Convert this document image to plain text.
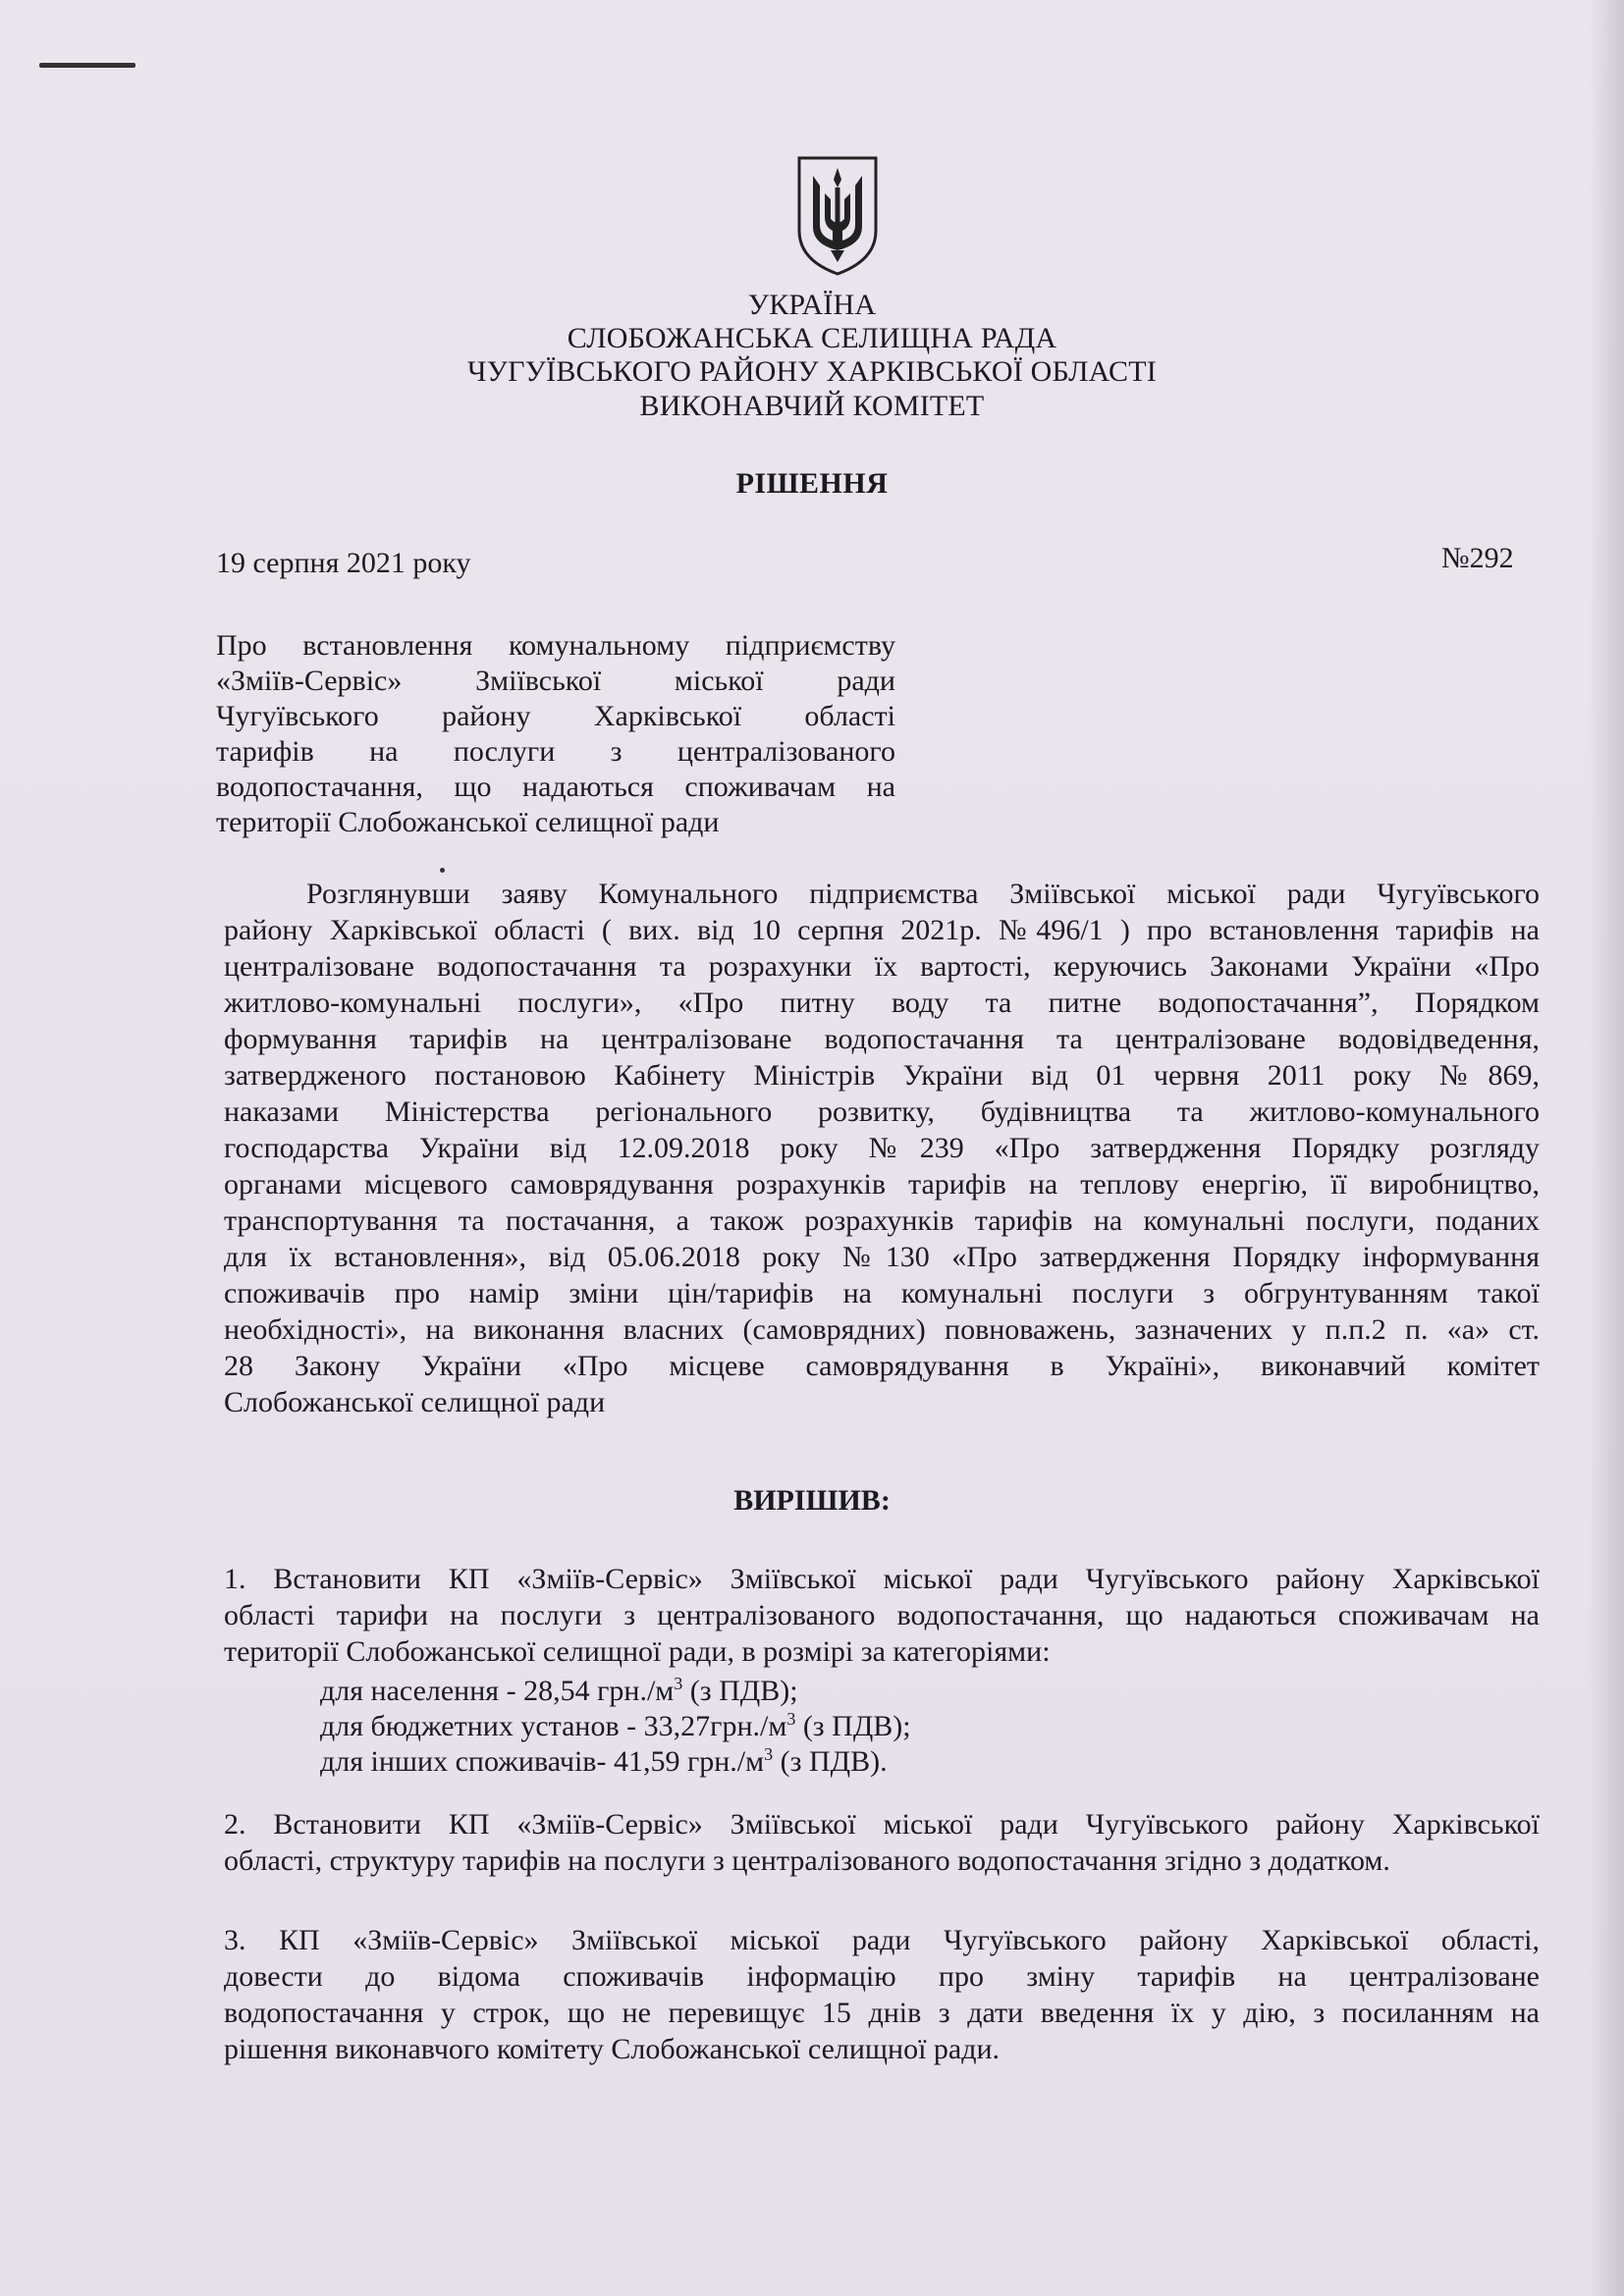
УКРАЇНА
СЛОБОЖАНСЬКА СЕЛИЩНА РАДА
ЧУГУЇВСЬКОГО РАЙОНУ ХАРКІВСЬКОЇ ОБЛАСТІ
ВИКОНАВЧИЙ КОМІТЕТ
РІШЕННЯ
19 серпня 2021 року	№292
Про встановлення комунальному підприємству
«Зміїв-Сервіс» Зміївської міської ради
Чугуївського району Харківської області
тарифів на послуги з централізованого
водопостачання, що надаються споживачам на
території Слобожанської селищної ради
Розглянувши заяву Комунального підприємства Зміївської міської ради Чугуївського
району Харківської області ( вих. від 10 серпня 2021р. №496/1 ) про встановлення тарифів на
централізоване водопостачання та розрахунки їх вартості, керуючись Законами України «Про
житлово-комунальні послуги», «Про питну воду та питне водопостачання”, Порядком
формування тарифів на централізоване водопостачання та централізоване водовідведення,
затвердженого постановою Кабінету Міністрів України від 01 червня 2011 року №869,
наказами Міністерства регіонального розвитку, будівництва та житлово-комунального
господарства України від 12.09.2018 року №239 «Про затвердження Порядку розгляду
органами місцевого самоврядування розрахунків тарифів на теплову енергію, її виробництво,
транспортування та постачання, а також розрахунків тарифів на комунальні послуги, поданих
для їх встановлення», від 05.06.2018 року №130 «Про затвердження Порядку інформування
споживачів про намір зміни цін/тарифів на комунальні послуги з обгрунтуванням такої
необхідності», на виконання власних (самоврядних) повноважень, зазначених у п.п.2 п. «а» ст.
28 Закону України «Про місцеве самоврядування в Україні», виконавчий комітет
Слобожанської селищної ради
ВИРІШИВ:
1. Встановити КП «Зміїв-Сервіс» Зміївської міської ради Чугуївського району Харківської
області тарифи на послуги з централізованого водопостачання, що надаються споживачам на
території Слобожанської селищної ради, в розмірі за категоріями:
для населення - 28,54 $грн./м^3$ (з ПДВ);
для бюджетних установ - $33,27грн./м^3$ (з ПДВ);
для інших споживачів- 41,59 $грн./м^3$ (з ПДВ).
2. Встановити КП «Зміїв-Сервіс» Зміївської міської ради Чугуївського району Харківської
області, структуру тарифів на послуги з централізованого водопостачання згідно з додатком.
3. КП «Зміїв-Сервіс» Зміївської міської ради Чугуївського району Харківської області,
довести до відома споживачів інформацію про зміну тарифів на централізоване
водопостачання у строк, що не перевищує 15 днів з дати введення їх у дію, з посиланням на
рішення виконавчого комітету Слобожанської селищної ради.
